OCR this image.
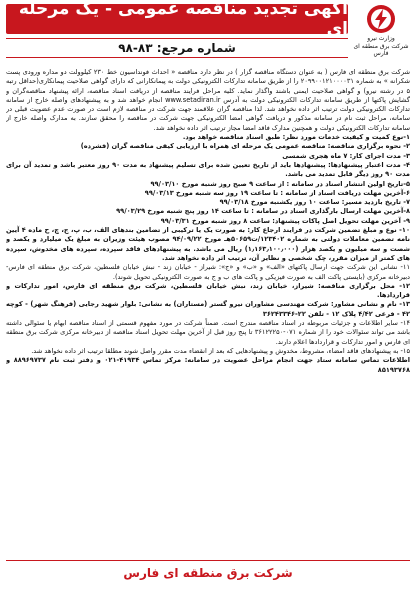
وزارت نیرو
شرکت برق منطقه ای فارس
آگهی تجدید مناقصه عمومی - یک مرحله ای
شماره مرجع: ۸۳-۹۸

شرکت برق منطقه ای فارس ( به عنوان دستگاه مناقصه گزار ) در نظر دارد مناقصه « احداث فونداسیون خط ۲۳۰ کیلوولت دو مداره ورودی پست شکرانه » به شماره ۲۰۹۹۰۰۱۲۱۰۰۰۰۳۱ را از طریق سامانه تدارکات الکترونیکی دولت به پیمانکارانی که دارای گواهی صلاحیت پیمانکاری(حداقل رتبه ۵ در رشته نیرو) و گواهی صلاحیت ایمنی باشند واگذار نماید. کلیه مراحل فرایند مناقصه از دریافت اسناد مناقصه، ارائه پیشنهاد مناقصه‌گران و گشایش پاکتها از طریق سامانه تدارکات الکترونیکی دولت به آدرس www.setadiran.ir انجام خواهد شد و به پیشنهادهای واصله خارج از سامانه تدارکات الکترونیکی دولت ترتیب اثر داده نخواهد شد. لذا مناقصه گران علاقمند جهت شرکت در مناقصه لازم است در صورت عدم عضویت قبلی در سامانه، مراحل ثبت نام در سامانه مذکور و دریافت گواهی امضا الکترونیکی جهت شرکت در مناقصه را محقق سازند. به مدارک واصله خارج از سامانه تدارکات الکترونیکی دولت و همچنین مدارک فاقد امضا مجاز ترتیب اثر داده نخواهد شد.

۱-نوع کمیت و کیفیت خدمات مورد نظر: طبق اسناد مناقصه خواهد بود.

۲- نحوه برگزاری مناقصه: مناقصه عمومی یک مرحله ای همراه با ارزیابی کیفی مناقصه گران (فشرده)

۳- مدت اجرای کار: ۷ ماه هجری شمسی

۴- مدت اعتبار پیشنهادها: پیشنهادها باید از تاریخ تعیین شده برای تسلیم پیشنهاد به مدت ۹۰ روز معتبر باشد و تمدید آن برای مدت ۹۰ روز دیگر قابل تمدید می باشد.

۵-تاریخ اولین انتشار اسناد در سامانه : از ساعت ۹ صبح روز شنبه مورخ ۹۹/۰۳/۱۰

۶-آخرین مهلت دریافت اسناد از سامانه : تا ساعت ۱۹ روز سه شنبه مورخ ۹۹/۰۳/۱۳

۷- تاریخ بازدید مسیر: ساعت ۱۰ روز یکشنبه مورخ ۹۹/۰۳/۱۸

۸-آخرین مهلت ارسال بارگذاری اسناد در سامانه : تا ساعت ۱۴ روز پنج شنبه مورخ ۹۹/۰۳/۲۹

۹- آخرین مهلت تحویل اصل پاکات پیشنهاد: ساعت ۸ روز شنبه مورخ ۹۹/۰۳/۳۱

۱۰- نوع و مبلغ تضمین شرکت در فرایند ارجاع کار: به صورت یک یا ترکیبی از تضامین بندهای الف، ب، پ، ج، چ، ح ماده ۴ آیین نامه تضمین معاملات دولتی به شماره ۱۲۳۴۰۲/ت۵۰۶۵۹هـ مورخ ۹۴/۰۹/۲۲ مصوب هیئت وزیران به مبلغ یک میلیارد و یکصد و شصت و سه میلیون و یکصد هزار (۱٫۱۶۳٫۱۰۰٫۰۰۰) ریال می باشد. به پیشنهادهای فاقد سپرده، سپرده های مخدوش، سپرده های کمتر از میزان مقرر، چک شخصی و نظایر آن، ترتیب اثر داده نخواهد شد.

۱۱- نشانی این شرکت جهت ارسال پاکتهای «الف» و «ب» و «ج»: شیراز - خیابان زند - نبش خیابان فلسطین، شرکت برق منطقه ای فارس- دبیرخانه مرکزی (بایستی پاکت الف به صورت فیزیکی و پاکت های ب و ج به صورت الکترونیکی تحویل شوند).

۱۲- محل برگزاری مناقصه: شیراز، خیابان زند، نبش خیابان فلسطین، شرکت برق منطقه ای فارس، امور تدارکات و قراردادها.

۱۳- نام و نشانی مشاور: شرکت مهندسی مشاوران نیرو گستر (مستاران) به نشانی: بلوار شهید رجایی (فرهنگ شهر) - کوچه ۴۲ - فرعی ۴/۴۲ پلاک ۱۲ - تلفن ۲۲-۳۶۲۴۳۳۴۶

۱۴- سایر اطلاعات و جزئیات مربوطه در اسناد مناقصه مندرج است. ضمناً شرکت در مورد مفهوم قسمتی از اسناد مناقصه ابهام یا سئوالی داشته باشد می تواند سئوالات خود را از شماره ۰۷۱-۳۶۱۲۲۲۵۰ تا پنج روز قبل از آخرین مهلت تحویل اسناد مناقصه از دبیرخانه مرکزی شرکت برق منطقه ای فارس و امور تدارکات و قراردادها اعلام دارند.

۱۵- به پیشنهادهای فاقد امضاء، مشروط، مخدوش و پیشنهادهایی که بعد از انقضاء مدت مقرر واصل شوند مطلقا ترتیب اثر داده نخواهد شد.

اطلاعات تماس سامانه ستاد جهت انجام مراحل عضویت در سامانه: مرکز تماس ۴۱۹۳۴-۰۲۱ و دفتر ثبت نام ۸۸۹۶۹۷۳۷ و ۸۵۱۹۳۷۶۸

شرکت برق منطقه ای فارس
